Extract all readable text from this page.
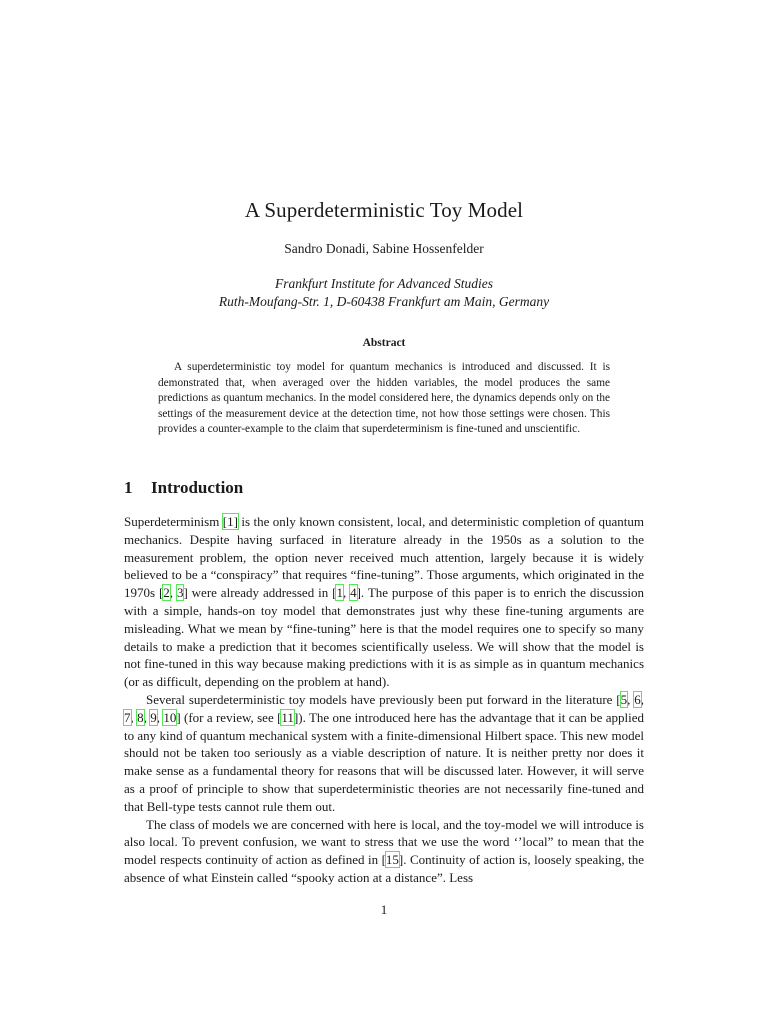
A Superdeterministic Toy Model
Sandro Donadi, Sabine Hossenfelder
Frankfurt Institute for Advanced Studies
Ruth-Moufang-Str. 1, D-60438 Frankfurt am Main, Germany
Abstract

A superdeterministic toy model for quantum mechanics is introduced and discussed. It is demonstrated that, when averaged over the hidden variables, the model produces the same predictions as quantum mechanics. In the model considered here, the dynamics depends only on the settings of the measurement device at the detection time, not how those settings were chosen. This provides a counter-example to the claim that superdeterminism is fine-tuned and unscientific.

1 Introduction

Superdeterminism [1] is the only known consistent, local, and deterministic completion of quantum mechanics. Despite having surfaced in literature already in the 1950s as a solution to the measurement problem, the option never received much attention, largely because it is widely believed to be a “conspiracy” that requires “fine-tuning”. Those arguments, which originated in the 1970s [2, 3] were already addressed in [1, 4]. The purpose of this paper is to enrich the discussion with a simple, hands-on toy model that demonstrates just why these fine-tuning arguments are misleading. What we mean by “fine-tuning” here is that the model requires one to specify so many details to make a prediction that it becomes scientifically useless. We will show that the model is not fine-tuned in this way because making predictions with it is as simple as in quantum mechanics (or as difficult, depending on the problem at hand).

Several superdeterministic toy models have previously been put forward in the literature [5, 6, 7, 8, 9, 10] (for a review, see [11]). The one introduced here has the advantage that it can be applied to any kind of quantum mechanical system with a finite-dimensional Hilbert space. This new model should not be taken too seriously as a viable description of nature. It is neither pretty nor does it make sense as a fundamental theory for reasons that will be discussed later. However, it will serve as a proof of principle to show that superdeterministic theories are not necessarily fine-tuned and that Bell-type tests cannot rule them out.

The class of models we are concerned with here is local, and the toy-model we will introduce is also local. To prevent confusion, we want to stress that we use the word ‘’local” to mean that the model respects continuity of action as defined in [15]. Continuity of action is, loosely speaking, the absence of what Einstein called “spooky action at a distance”. Less

1
